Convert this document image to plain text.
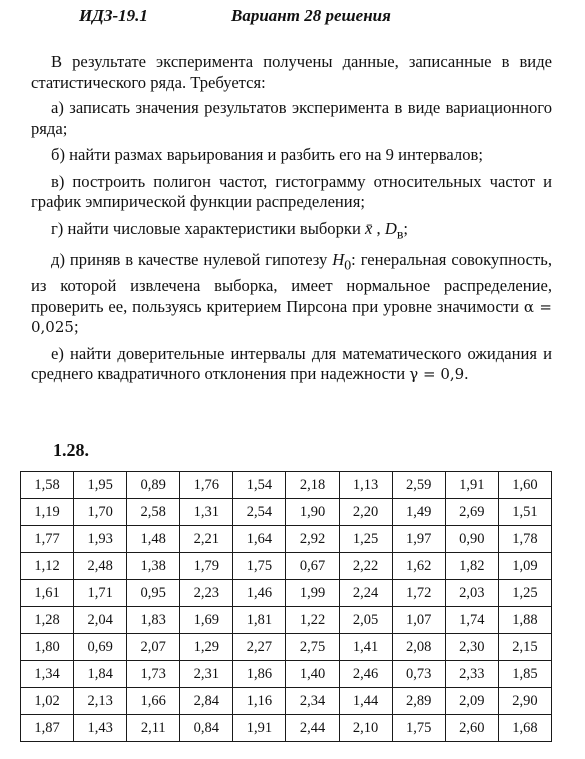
ИДЗ-19.1	Вариант 28 решения

В результате эксперимента получены данные, записанные в виде статистического ряда. Требуется:

а) записать значения результатов эксперимента в виде вариационного ряда;

б) найти размах варьирования и разбить его на 9 интервалов;

в) построить полигон частот, гистограмму относительных частот и график эмпирической функции распределения;

г) найти числовые характеристики выборки x̄ , $D_в$;

д) приняв в качестве нулевой гипотезу $H_0$: генеральная совокупность, из которой извлечена выборка, имеет нормальное распределение, проверить ее, пользуясь критерием Пирсона при уровне значимости α = 0,025;

е) найти доверительные интервалы для математического ожидания и среднего квадратичного отклонения при надежности γ = 0,9.

1.28.
1,58	1,95	0,89	1,76	1,54	2,18	1,13	2,59	1,91	1,60
1,19	1,70	2,58	1,31	2,54	1,90	2,20	1,49	2,69	1,51
1,77	1,93	1,48	2,21	1,64	2,92	1,25	1,97	0,90	1,78
1,12	2,48	1,38	1,79	1,75	0,67	2,22	1,62	1,82	1,09
1,61	1,71	0,95	2,23	1,46	1,99	2,24	1,72	2,03	1,25
1,28	2,04	1,83	1,69	1,81	1,22	2,05	1,07	1,74	1,88
1,80	0,69	2,07	1,29	2,27	2,75	1,41	2,08	2,30	2,15
1,34	1,84	1,73	2,31	1,86	1,40	2,46	0,73	2,33	1,85
1,02	2,13	1,66	2,84	1,16	2,34	1,44	2,89	2,09	2,90
1,87	1,43	2,11	0,84	1,91	2,44	2,10	1,75	2,60	1,68
